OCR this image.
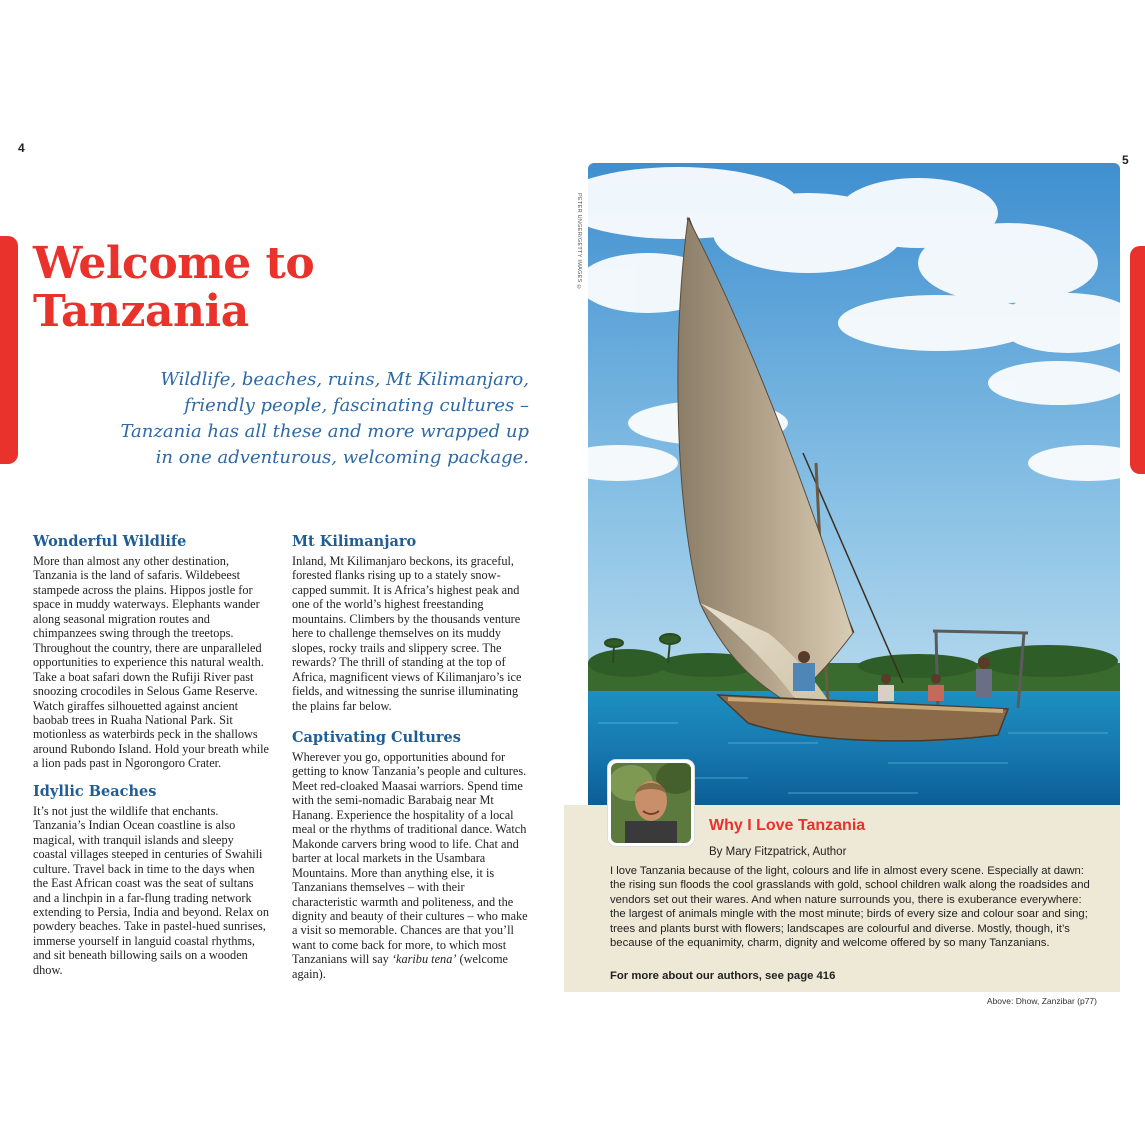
4
5
Welcome to
Tanzania
Wildlife, beaches, ruins, Mt Kilimanjaro, friendly people, fascinating cultures – Tanzania has all these and more wrapped up in one adventurous, welcoming package.
Wonderful Wildlife

More than almost any other destination, Tanzania is the land of safaris. Wildebeest stampede across the plains. Hippos jostle for space in muddy waterways. Elephants wander along seasonal migration routes and chimpanzees swing through the treetops. Throughout the country, there are unparalleled opportunities to experience this natural wealth. Take a boat safari down the Rufiji River past snoozing crocodiles in Selous Game Reserve. Watch giraffes silhouetted against ancient baobab trees in Ruaha National Park. Sit motionless as waterbirds peck in the shallows around Rubondo Island. Hold your breath while a lion pads past in Ngorongoro Crater.

Idyllic Beaches

It’s not just the wildlife that enchants. Tanzania’s Indian Ocean coastline is also magical, with tranquil islands and sleepy coastal villages steeped in centuries of Swahili culture. Travel back in time to the days when the East African coast was the seat of sultans and a linchpin in a far-flung trading network extending to Persia, India and beyond. Relax on powdery beaches. Take in pastel-hued sunrises, immerse yourself in languid coastal rhythms, and sit beneath billowing sails on a wooden dhow.

Mt Kilimanjaro

Inland, Mt Kilimanjaro beckons, its graceful, forested flanks rising up to a stately snow-capped summit. It is Africa’s highest peak and one of the world’s highest freestanding mountains. Climbers by the thousands venture here to challenge themselves on its muddy slopes, rocky trails and slippery scree. The rewards? The thrill of standing at the top of Africa, magnificent views of Kilimanjaro’s ice fields, and witnessing the sunrise illuminating the plains far below.

Captivating Cultures

Wherever you go, opportunities abound for getting to know Tanzania’s people and cultures. Meet red-cloaked Maasai warriors. Spend time with the semi-nomadic Barabaig near Mt Hanang. Experience the hospitality of a local meal or the rhythms of traditional dance. Watch Makonde carvers bring wood to life. Chat and barter at local markets in the Usambara Mountains. More than anything else, it is Tanzanians themselves – with their characteristic warmth and politeness, and the dignity and beauty of their cultures – who make a visit so memorable. Chances are that you’ll want to come back for more, to which most Tanzanians will say ‘karibu tena’ (welcome again).

PETER UNGER/GETTY IMAGES ©
Why I Love Tanzania
By Mary Fitzpatrick, Author
I love Tanzania because of the light, colours and life in almost every scene. Especially at dawn: the rising sun floods the cool grasslands with gold, school children walk along the roadsides and vendors set out their wares. And when nature surrounds you, there is exuberance everywhere: the largest of animals mingle with the most minute; birds of every size and colour soar and sing; trees and plants burst with flowers; landscapes are colourful and diverse. Mostly, though, it’s because of the equanimity, charm, dignity and welcome offered by so many Tanzanians.
For more about our authors, see page 416
Above: Dhow, Zanzibar (p77)
